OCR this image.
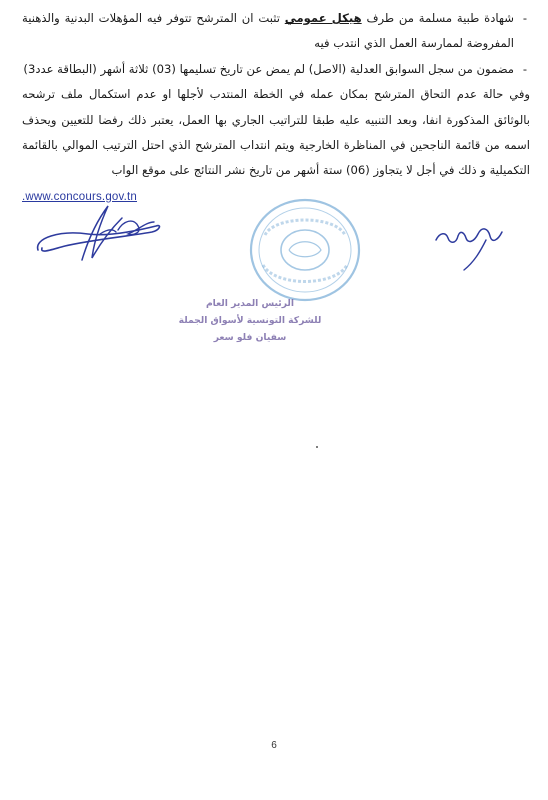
-
شهادة طبية مسلمة من طرف هيكل عمومي تثبت ان المترشح تتوفر فيه المؤهلات البدنية والذهنية المفروضة لممارسة العمل الذي انتدب فيه
-
مضمون من سجل السوابق العدلية (الاصل) لم يمض عن تاريخ تسليمها (03) ثلاثة أشهر (البطاقة عدد3)

وفي حالة عدم التحاق المترشح بمكان عمله في الخطة المنتدب لأجلها او عدم استكمال ملف ترشحه بالوثائق المذكورة انفا، وبعد التنبيه عليه طبقا للتراتيب الجاري بها العمل، يعتبر ذلك رفضا للتعيين ويحذف اسمه من قائمة الناجحين في المناظرة الخارجية ويتم انتداب المترشح الذي احتل الترتيب الموالي بالقائمة التكميلية و ذلك في أجل لا يتجاوز (06) ستة أشهر من تاريخ نشر النتائج على موقع الواب

.www.concours.gov.tn
الرئيس المدير العام
للشركة التونسية لأسواق الجملة
سفيان فلو سعر
6
